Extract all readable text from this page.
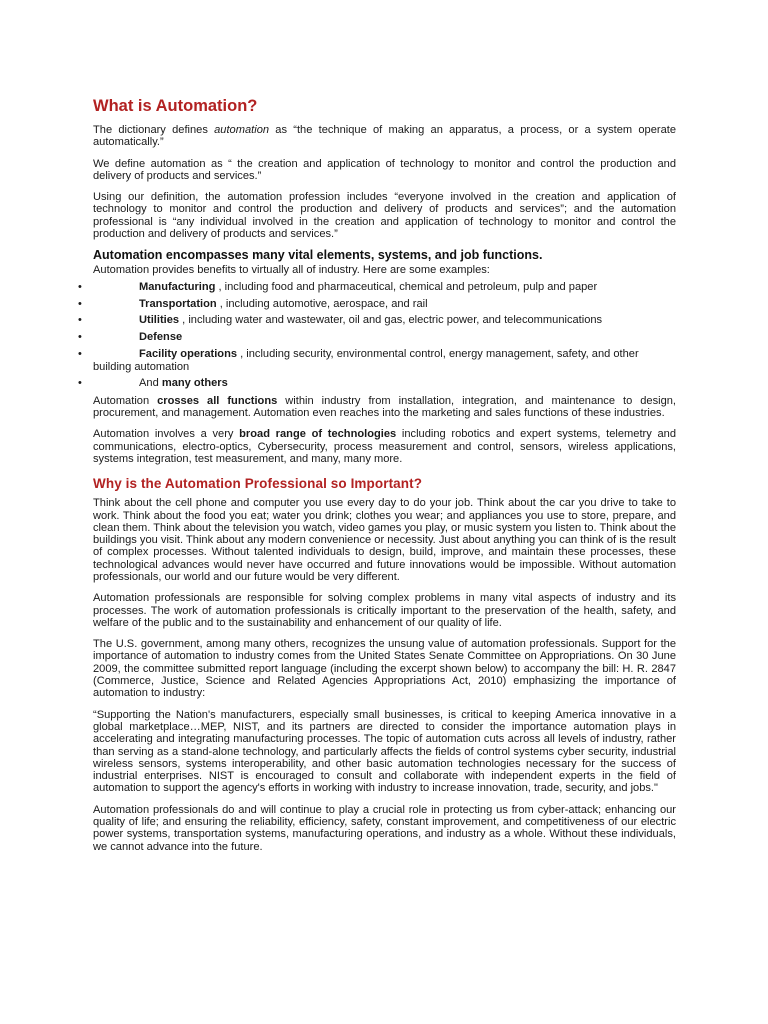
What is Automation?

The dictionary defines automation as “the technique of making an apparatus, a process, or a system operate automatically.”

We define automation as “ the creation and application of technology to monitor and control the production and delivery of products and services.”

Using our definition, the automation profession includes “everyone involved in the creation and application of technology to monitor and control the production and delivery of products and services”; and the automation professional is “any individual involved in the creation and application of technology to monitor and control the production and delivery of products and services.”

Automation encompasses many vital elements, systems, and job functions.

Automation provides benefits to virtually all of industry. Here are some examples:

•	Manufacturing , including food and pharmaceutical, chemical and petroleum, pulp and paper
•	Transportation , including automotive, aerospace, and rail
•	Utilities , including water and wastewater, oil and gas, electric power, and telecommunications
•	Defense
•	Facility operations , including security, environmental control, energy management, safety, and other
building automation
•	And many others

Automation crosses all functions within industry from installation, integration, and maintenance to design, procurement, and management. Automation even reaches into the marketing and sales functions of these industries.

Automation involves a very broad range of technologies including robotics and expert systems, telemetry and communications, electro-optics, Cybersecurity, process measurement and control, sensors, wireless applications, systems integration, test measurement, and many, many more.

Why is the Automation Professional so Important?

Think about the cell phone and computer you use every day to do your job. Think about the car you drive to take to work. Think about the food you eat; water you drink; clothes you wear; and appliances you use to store, prepare, and clean them. Think about the television you watch, video games you play, or music system you listen to. Think about the buildings you visit. Think about any modern convenience or necessity. Just about anything you can think of is the result of complex processes. Without talented individuals to design, build, improve, and maintain these processes, these technological advances would never have occurred and future innovations would be impossible. Without automation professionals, our world and our future would be very different.

Automation professionals are responsible for solving complex problems in many vital aspects of industry and its processes. The work of automation professionals is critically important to the preservation of the health, safety, and welfare of the public and to the sustainability and enhancement of our quality of life.

The U.S. government, among many others, recognizes the unsung value of automation professionals. Support for the importance of automation to industry comes from the United States Senate Committee on Appropriations. On 30 June 2009, the committee submitted report language (including the excerpt shown below) to accompany the bill: H. R. 2847 (Commerce, Justice, Science and Related Agencies Appropriations Act, 2010) emphasizing the importance of automation to industry:

“Supporting the Nation's manufacturers, especially small businesses, is critical to keeping America innovative in a global marketplace…MEP, NIST, and its partners are directed to consider the importance automation plays in accelerating and integrating manufacturing processes. The topic of automation cuts across all levels of industry, rather than serving as a stand-alone technology, and particularly affects the fields of control systems cyber security, industrial wireless sensors, systems interoperability, and other basic automation technologies necessary for the success of industrial enterprises. NIST is encouraged to consult and collaborate with independent experts in the field of automation to support the agency's efforts in working with industry to increase innovation, trade, security, and jobs."

Automation professionals do and will continue to play a crucial role in protecting us from cyber-attack; enhancing our quality of life; and ensuring the reliability, efficiency, safety, constant improvement, and competitiveness of our electric power systems, transportation systems, manufacturing operations, and industry as a whole. Without these individuals, we cannot advance into the future.
